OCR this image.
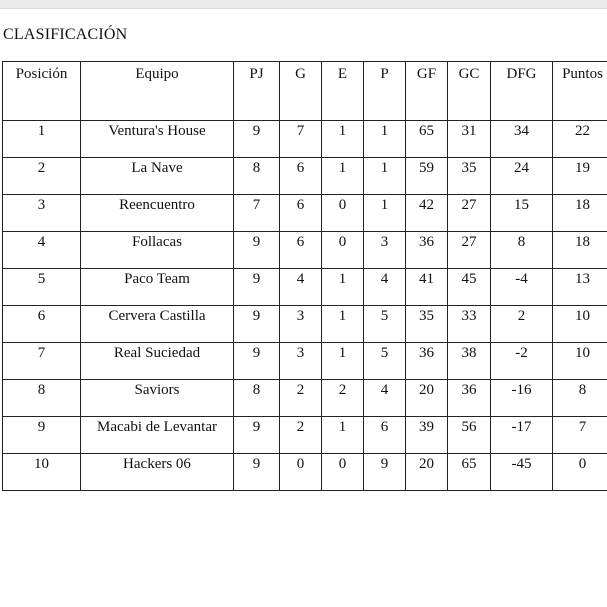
CLASIFICACIÓN
Posición	Equipo	PJ	G	E	P	GF	GC	DFG	Puntos
1	Ventura's House	9	7	1	1	65	31	34	22
2	La Nave	8	6	1	1	59	35	24	19
3	Reencuentro	7	6	0	1	42	27	15	18
4	Follacas	9	6	0	3	36	27	8	18
5	Paco Team	9	4	1	4	41	45	-4	13
6	Cervera Castilla	9	3	1	5	35	33	2	10
7	Real Suciedad	9	3	1	5	36	38	-2	10
8	Saviors	8	2	2	4	20	36	-16	8
9	Macabi de Levantar	9	2	1	6	39	56	-17	7
10	Hackers 06	9	0	0	9	20	65	-45	0
